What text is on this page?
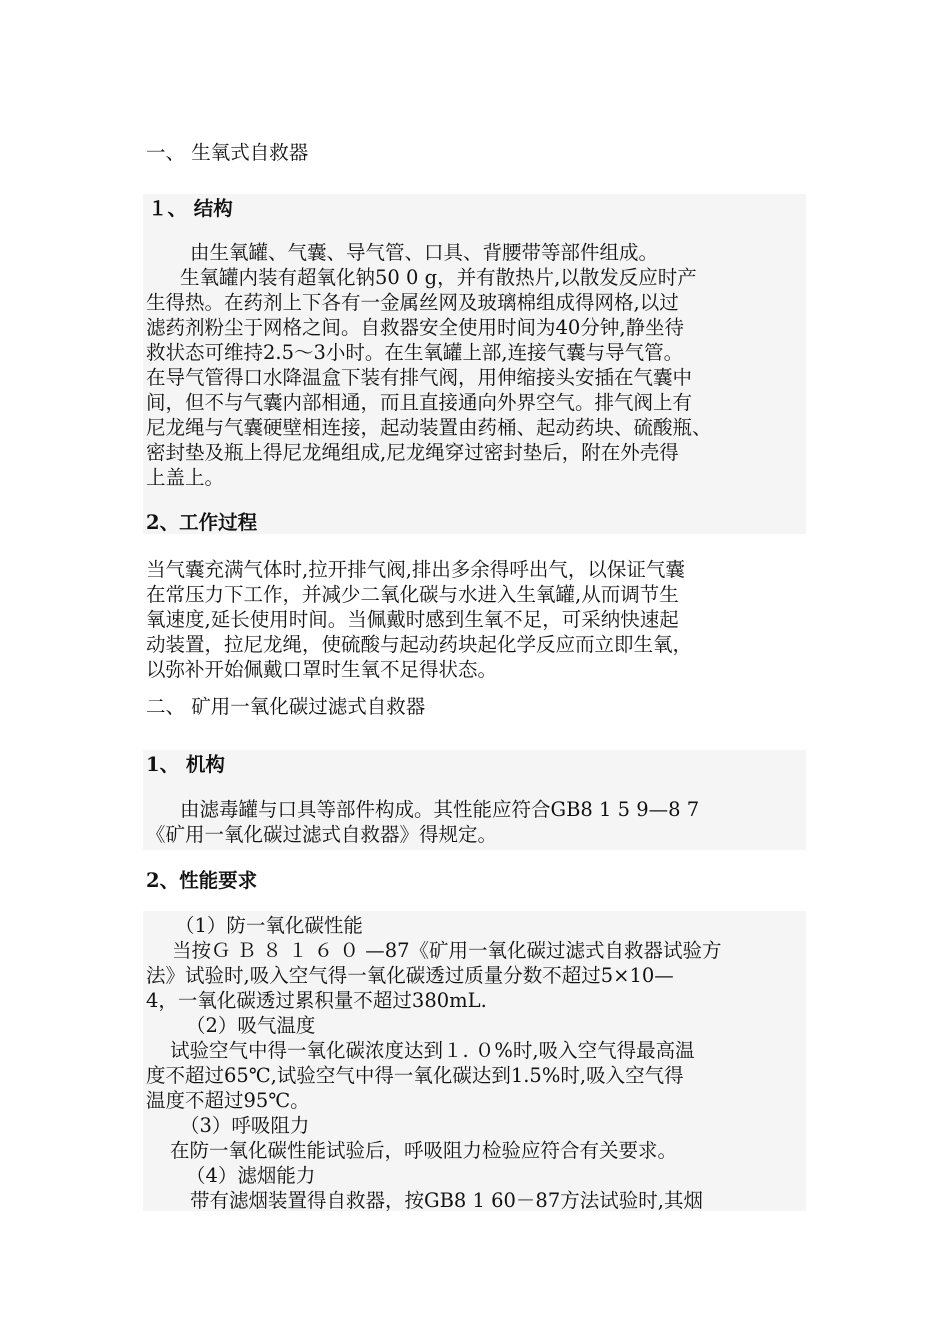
一、 生氧式自救器
１、 结构
由生氧罐、气囊、导气管、口具、背腰带等部件组成。
生氧罐内装有超氧化钠50 0 g，并有散热片,以散发反应时产
生得热。在药剂上下各有一金属丝网及玻璃棉组成得网格,以过
滤药剂粉尘于网格之间。自救器安全使用时间为40分钟,静坐待
救状态可维持2.5～3小时。在生氧罐上部,连接气囊与导气管。
在导气管得口水降温盒下装有排气阀，用伸缩接头安插在气囊中
间，但不与气囊内部相通，而且直接通向外界空气。排气阀上有
尼龙绳与气囊硬壁相连接，起动装置由药桶、起动药块、硫酸瓶、
密封垫及瓶上得尼龙绳组成,尼龙绳穿过密封垫后，附在外壳得
上盖上。
2、工作过程
当气囊充满气体时,拉开排气阀,排出多余得呼出气，以保证气囊
在常压力下工作，并减少二氧化碳与水进入生氧罐,从而调节生
氧速度,延长使用时间。当佩戴时感到生氧不足，可采纳快速起
动装置，拉尼龙绳，使硫酸与起动药块起化学反应而立即生氧，
以弥补开始佩戴口罩时生氧不足得状态。
二、 矿用一氧化碳过滤式自救器
1、 机构
由滤毒罐与口具等部件构成。其性能应符合GB8 1 5 9—8 7
《矿用一氧化碳过滤式自救器》得规定。
2、性能要求
（1）防一氧化碳性能
当按Ｇ Ｂ ８ １ ６ ０ —87《矿用一氧化碳过滤式自救器试验方
法》试验时,吸入空气得一氧化碳透过质量分数不超过5×10—
4，一氧化碳透过累积量不超过380mL.
（2）吸气温度
试验空气中得一氧化碳浓度达到１. ０%时,吸入空气得最高温
度不超过65℃,试验空气中得一氧化碳达到1.5%时,吸入空气得
温度不超过95℃。
（3）呼吸阻力
在防一氧化碳性能试验后，呼吸阻力检验应符合有关要求。
（4）滤烟能力
带有滤烟装置得自救器，按GB8 1 60－87方法试验时,其烟
